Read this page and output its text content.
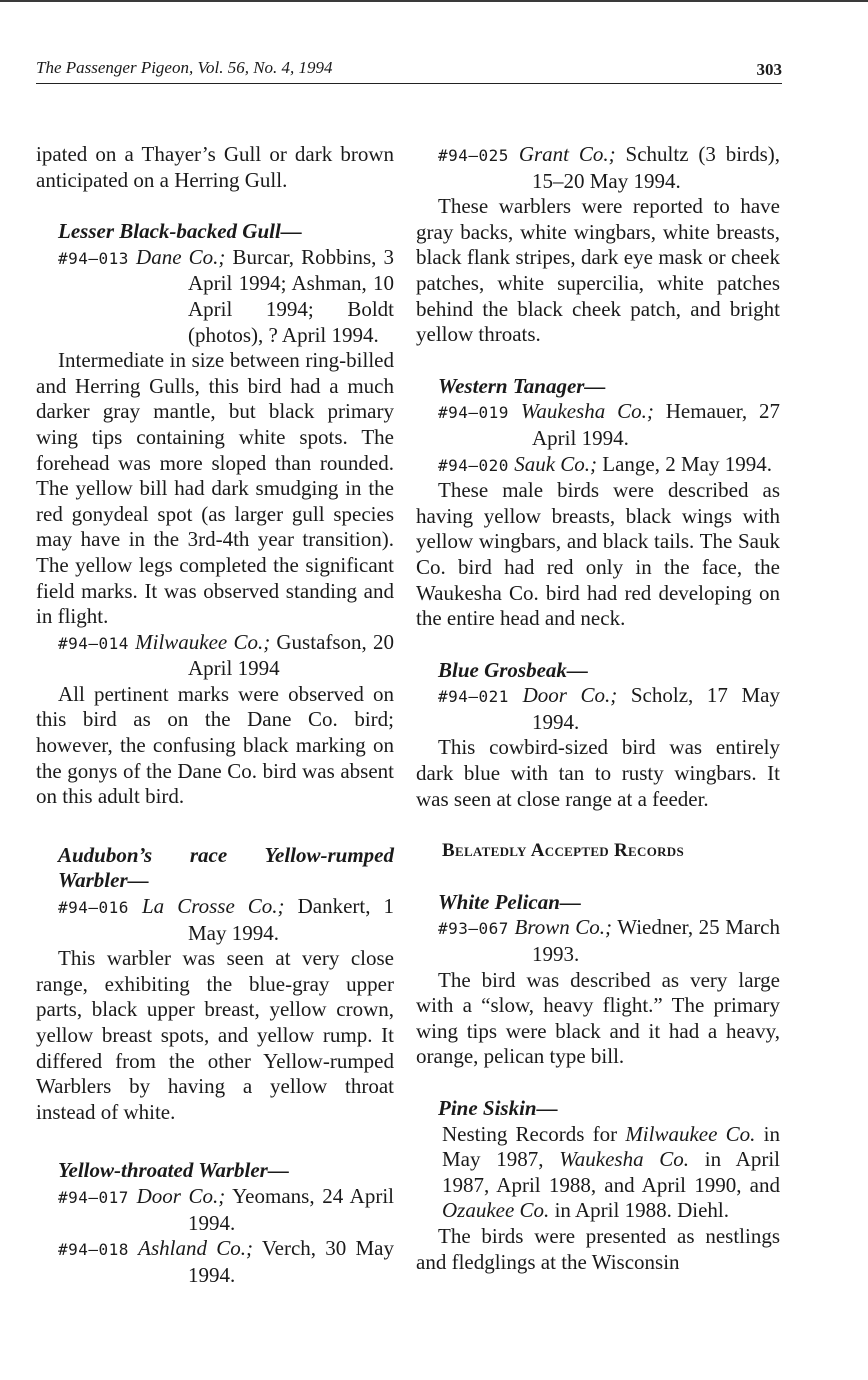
The Passenger Pigeon, Vol. 56, No. 4, 1994	303

ipated on a Thayer’s Gull or dark brown anticipated on a Herring Gull.

Lesser Black-backed Gull—

#94–013 Dane Co.; Burcar, Robbins, 3 April 1994; Ashman, 10 April 1994; Boldt (photos), ? April 1994.

Intermediate in size between ring-billed and Herring Gulls, this bird had a much darker gray mantle, but black primary wing tips containing white spots. The forehead was more sloped than rounded. The yellow bill had dark smudging in the red gonydeal spot (as larger gull species may have in the 3rd-4th year transition). The yellow legs completed the significant field marks. It was observed standing and in flight.

#94–014 Milwaukee Co.; Gustafson, 20 April 1994

All pertinent marks were observed on this bird as on the Dane Co. bird; however, the confusing black marking on the gonys of the Dane Co. bird was absent on this adult bird.

Audubon’s race Yellow-rumped Warbler—

#94–016 La Crosse Co.; Dankert, 1 May 1994.

This warbler was seen at very close range, exhibiting the blue-gray upper parts, black upper breast, yellow crown, yellow breast spots, and yellow rump. It differed from the other Yellow-rumped Warblers by having a yellow throat instead of white.

Yellow-throated Warbler—

#94–017 Door Co.; Yeomans, 24 April 1994.

#94–018 Ashland Co.; Verch, 30 May 1994.

#94–025 Grant Co.; Schultz (3 birds), 15–20 May 1994.

These warblers were reported to have gray backs, white wingbars, white breasts, black flank stripes, dark eye mask or cheek patches, white supercilia, white patches behind the black cheek patch, and bright yellow throats.

Western Tanager—

#94–019 Waukesha Co.; Hemauer, 27 April 1994.

#94–020 Sauk Co.; Lange, 2 May 1994.

These male birds were described as having yellow breasts, black wings with yellow wingbars, and black tails. The Sauk Co. bird had red only in the face, the Waukesha Co. bird had red developing on the entire head and neck.

Blue Grosbeak—

#94–021 Door Co.; Scholz, 17 May 1994.

This cowbird-sized bird was entirely dark blue with tan to rusty wingbars. It was seen at close range at a feeder.

Belatedly Accepted Records

White Pelican—

#93–067 Brown Co.; Wiedner, 25 March 1993.

The bird was described as very large with a “slow, heavy flight.” The primary wing tips were black and it had a heavy, orange, pelican type bill.

Pine Siskin—

Nesting Records for Milwaukee Co. in May 1987, Waukesha Co. in April 1987, April 1988, and April 1990, and Ozaukee Co. in April 1988. Diehl.

The birds were presented as nestlings and fledglings at the Wisconsin
